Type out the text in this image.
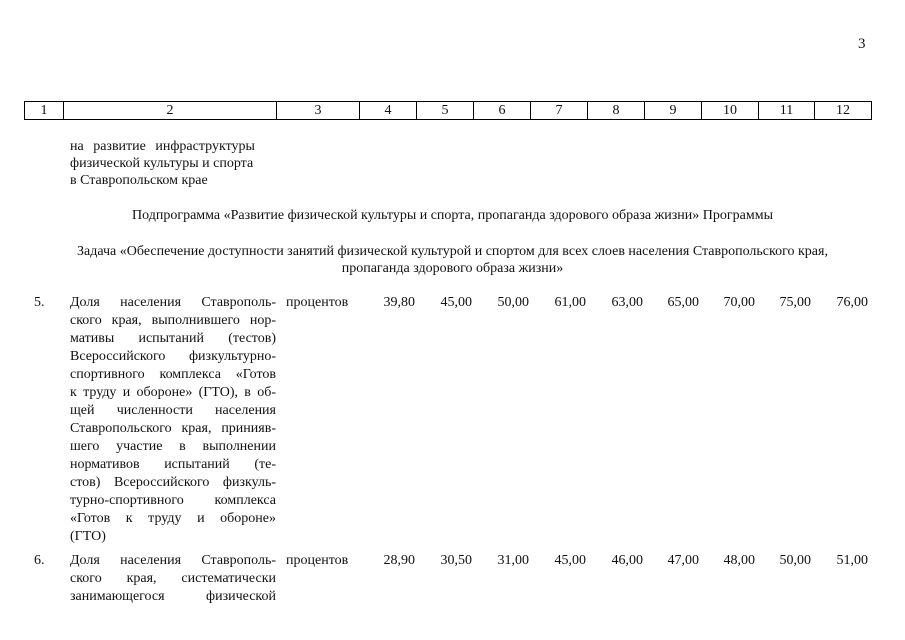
3
1	2	3	4	5	6	7	8	9	10	11	12
на развитие инфраструктуры
физической культуры и спорта
в Ставропольском крае
Подпрограмма «Развитие физической культуры и спорта, пропаганда здорового образа жизни» Программы
Задача «Обеспечение доступности занятий физической культурой и спортом для всех слоев населения Ставропольского края,
пропаганда здорового образа жизни»
5. Доля населения Ставрополь-
ского края, выполнившего нор-
мативы испытаний (тестов)
Всероссийского физкультурно-
спортивного комплекса «Готов
к труду и обороне» (ГТО), в об-
щей численности населения
Ставропольского края, принияв-
шего участие в выполнении
нормативов испытаний (те-
стов) Всероссийского физкуль-
турно-спортивного комплекса
«Готов к труду и обороне»
(ГТО)
процентов	39,80	45,00	50,00	61,00	63,00	65,00	70,00	75,00	76,00
6. Доля населения Ставрополь-
ского края, систематически
занимающегося физической
процентов	28,90	30,50	31,00	45,00	46,00	47,00	48,00	50,00	51,00
